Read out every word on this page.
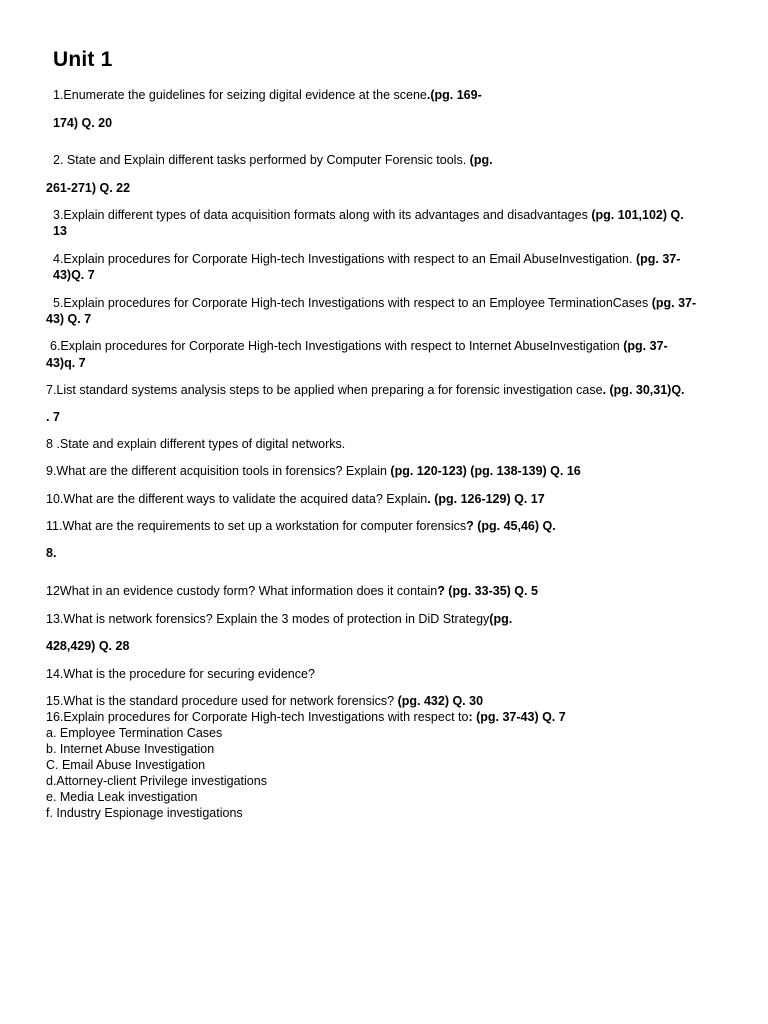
Unit 1
1.Enumerate the guidelines for seizing digital evidence at the scene.(pg. 169-
174) Q. 20
2. State and Explain different tasks performed by Computer Forensic tools. (pg.
261-271) Q. 22
3.Explain different types of data acquisition formats along with its advantages and disadvantages (pg. 101,102) Q.
13
4.Explain procedures for Corporate High-tech Investigations with respect to an Email AbuseInvestigation. (pg. 37-
43)Q. 7
5.Explain procedures for Corporate High-tech Investigations with respect to an Employee TerminationCases (pg. 37-
43) Q. 7
6.Explain procedures for Corporate High-tech Investigations with respect to Internet AbuseInvestigation (pg. 37-
43)q. 7
7.List standard systems analysis steps to be applied when preparing a for forensic investigation case. (pg. 30,31)Q.
. 7
8 .State and explain different types of digital networks.
9.What are the different acquisition tools in forensics? Explain (pg. 120-123) (pg. 138-139) Q. 16
10.What are the different ways to validate the acquired data? Explain. (pg. 126-129) Q. 17
11.What are the requirements to set up a workstation for computer forensics? (pg. 45,46) Q.
8.
12What in an evidence custody form? What information does it contain? (pg. 33-35) Q. 5
13.What is network forensics? Explain the 3 modes of protection in DiD Strategy(pg.
428,429) Q. 28
14.What is the procedure for securing evidence?
15.What is the standard procedure used for network forensics? (pg. 432) Q. 30
16.Explain procedures for Corporate High-tech Investigations with respect to: (pg. 37-43) Q. 7
a. Employee Termination Cases
b. Internet Abuse Investigation
C. Email Abuse Investigation
d.Attorney-client Privilege investigations
e. Media Leak investigation
f. Industry Espionage investigations
